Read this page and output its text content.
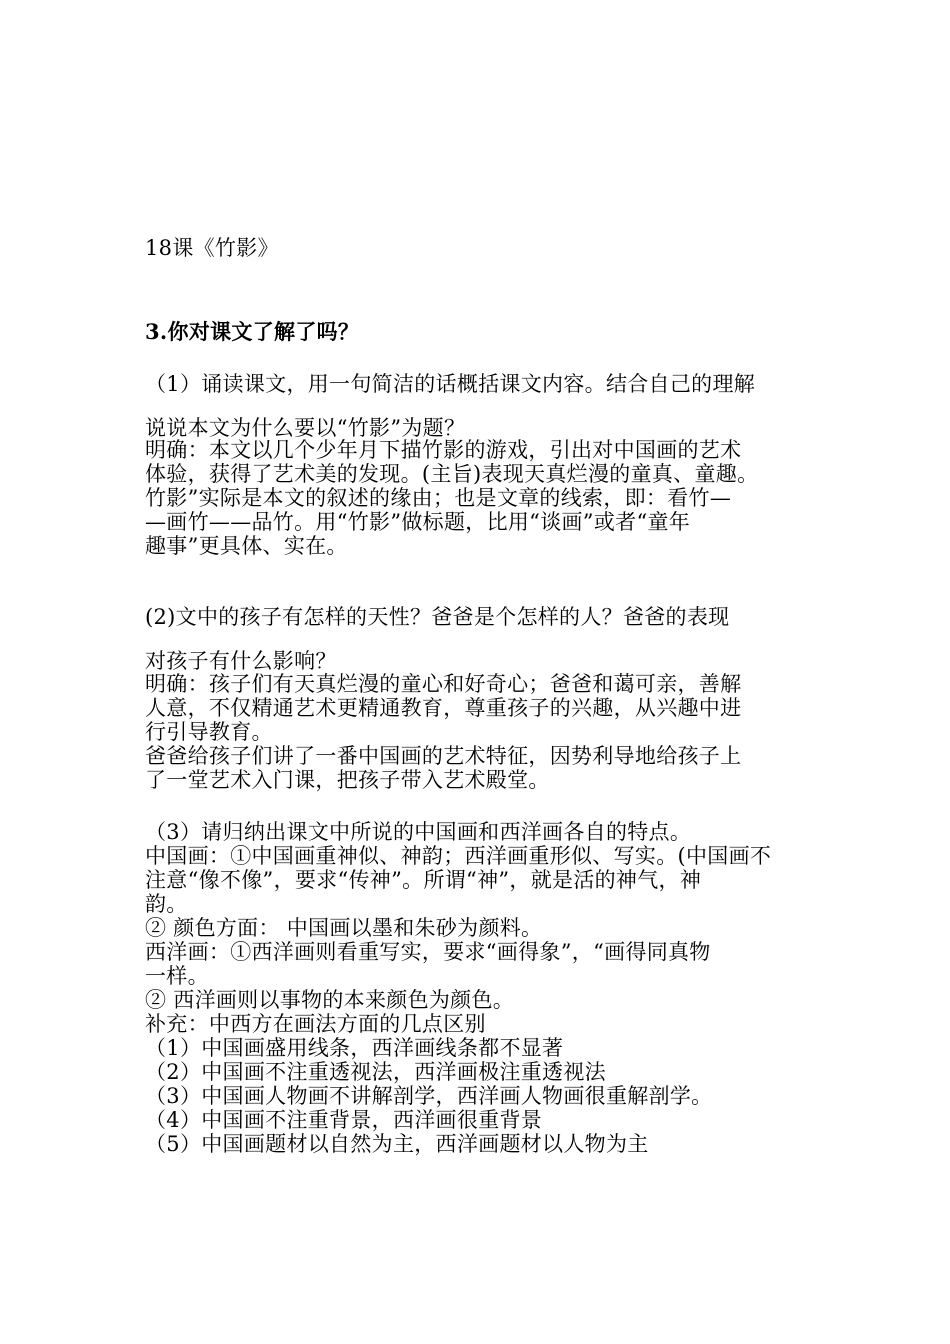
18课《竹影》
3.你对课文了解了吗？
（1）诵读课文，用一句简洁的话概括课文内容。结合自己的理解
说说本文为什么要以“竹影”为题？
明确：本文以几个少年月下描竹影的游戏，引出对中国画的艺术
体验，获得了艺术美的发现。(主旨)表现天真烂漫的童真、童趣。
竹影”实际是本文的叙述的缘由；也是文章的线索，即：看竹—
—画竹——品竹。用“竹影”做标题，比用“谈画”或者“童年
趣事”更具体、实在。
(2)文中的孩子有怎样的天性？爸爸是个怎样的人？爸爸的表现
对孩子有什么影响？
明确：孩子们有天真烂漫的童心和好奇心；爸爸和蔼可亲，善解
人意，不仅精通艺术更精通教育，尊重孩子的兴趣，从兴趣中进
行引导教育。
爸爸给孩子们讲了一番中国画的艺术特征，因势利导地给孩子上
了一堂艺术入门课，把孩子带入艺术殿堂。
（3）请归纳出课文中所说的中国画和西洋画各自的特点。
中国画：①中国画重神似、神韵；西洋画重形似、写实。(中国画不
注意“像不像”，要求“传神”。所谓“神”，就是活的神气，神
韵。
② 颜色方面： 中国画以墨和朱砂为颜料。
西洋画：①西洋画则看重写实，要求“画得象”，“画得同真物
一样。
② 西洋画则以事物的本来颜色为颜色。
补充：中西方在画法方面的几点区别
（1）中国画盛用线条，西洋画线条都不显著
（2）中国画不注重透视法，西洋画极注重透视法
（3）中国画人物画不讲解剖学，西洋画人物画很重解剖学。
（4）中国画不注重背景，西洋画很重背景
（5）中国画题材以自然为主，西洋画题材以人物为主
